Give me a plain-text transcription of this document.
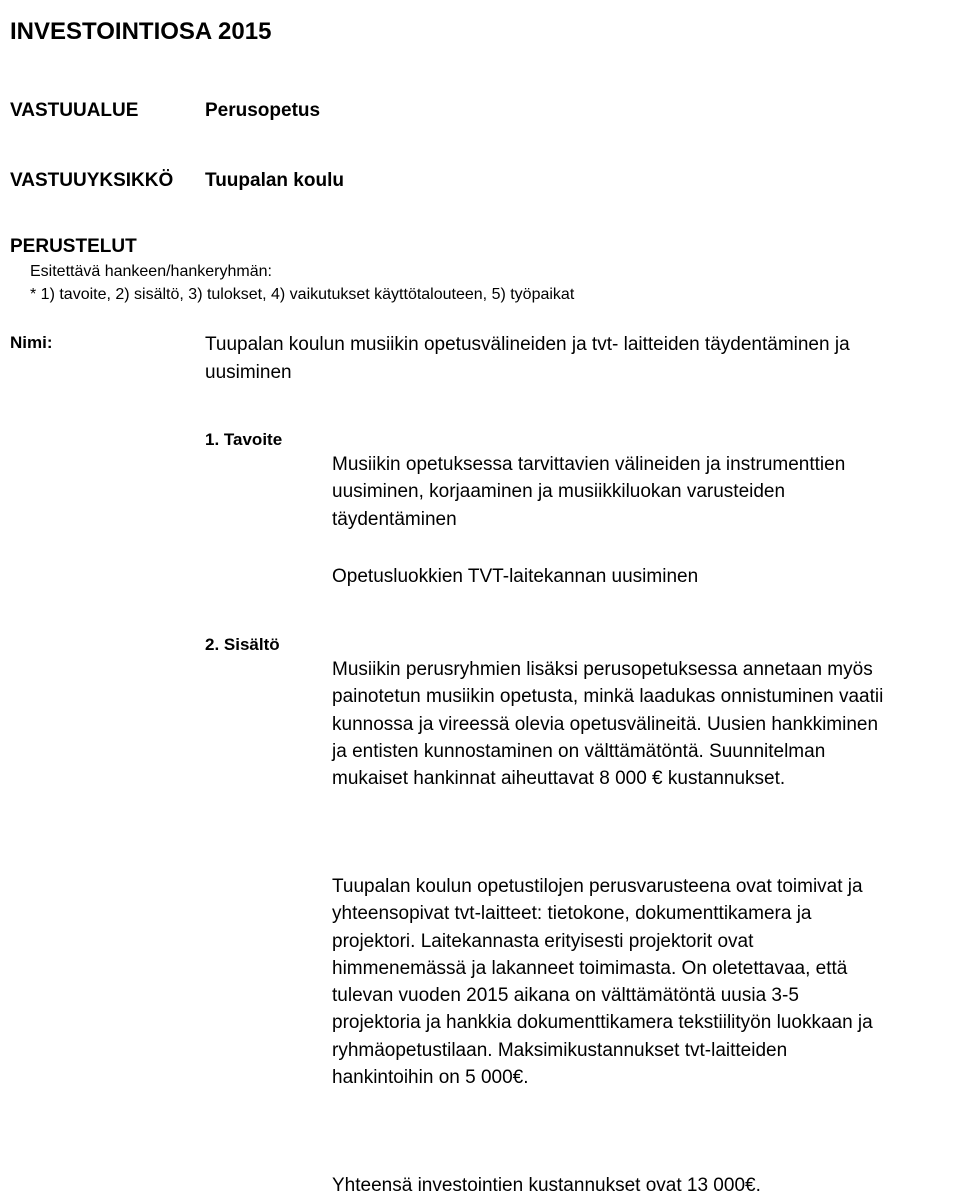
INVESTOINTIOSA 2015
VASTUUALUE	Perusopetus
VASTUUYKSIKKÖ Tuupalan koulu
PERUSTELUT
Esitettävä hankeen/hankeryhmän:
* 1) tavoite, 2) sisältö, 3) tulokset, 4) vaikutukset käyttötalouteen, 5) työpaikat
Nimi:	Tuupalan koulun musiikin opetusvälineiden ja tvt- laitteiden täydentäminen ja uusiminen
1. Tavoite

Musiikin opetuksessa tarvittavien välineiden ja instrumenttien uusiminen, korjaaminen ja musiikkiluokan varusteiden täydentäminen

Opetusluokkien TVT-laitekannan uusiminen

2. Sisältö

Musiikin perusryhmien lisäksi perusopetuksessa annetaan myös painotetun musiikin opetusta, minkä laadukas onnistuminen vaatii kunnossa ja vireessä olevia opetusvälineitä. Uusien hankkiminen ja entisten kunnostaminen on välttämätöntä. Suunnitelman mukaiset hankinnat aiheuttavat 8 000 € kustannukset.

Tuupalan koulun opetustilojen perusvarusteena ovat toimivat ja yhteensopivat tvt-laitteet: tietokone, dokumenttikamera ja projektori. Laitekannasta erityisesti projektorit ovat himmenemässä ja lakanneet toimimasta. On oletettavaa, että tulevan vuoden 2015 aikana on välttämätöntä uusia 3-5 projektoria ja hankkia dokumenttikamera tekstiilityön luokkaan ja ryhmäopetustilaan. Maksimikustannukset tvt-laitteiden hankintoihin on 5 000€.

Yhteensä investointien kustannukset ovat 13 000€.
